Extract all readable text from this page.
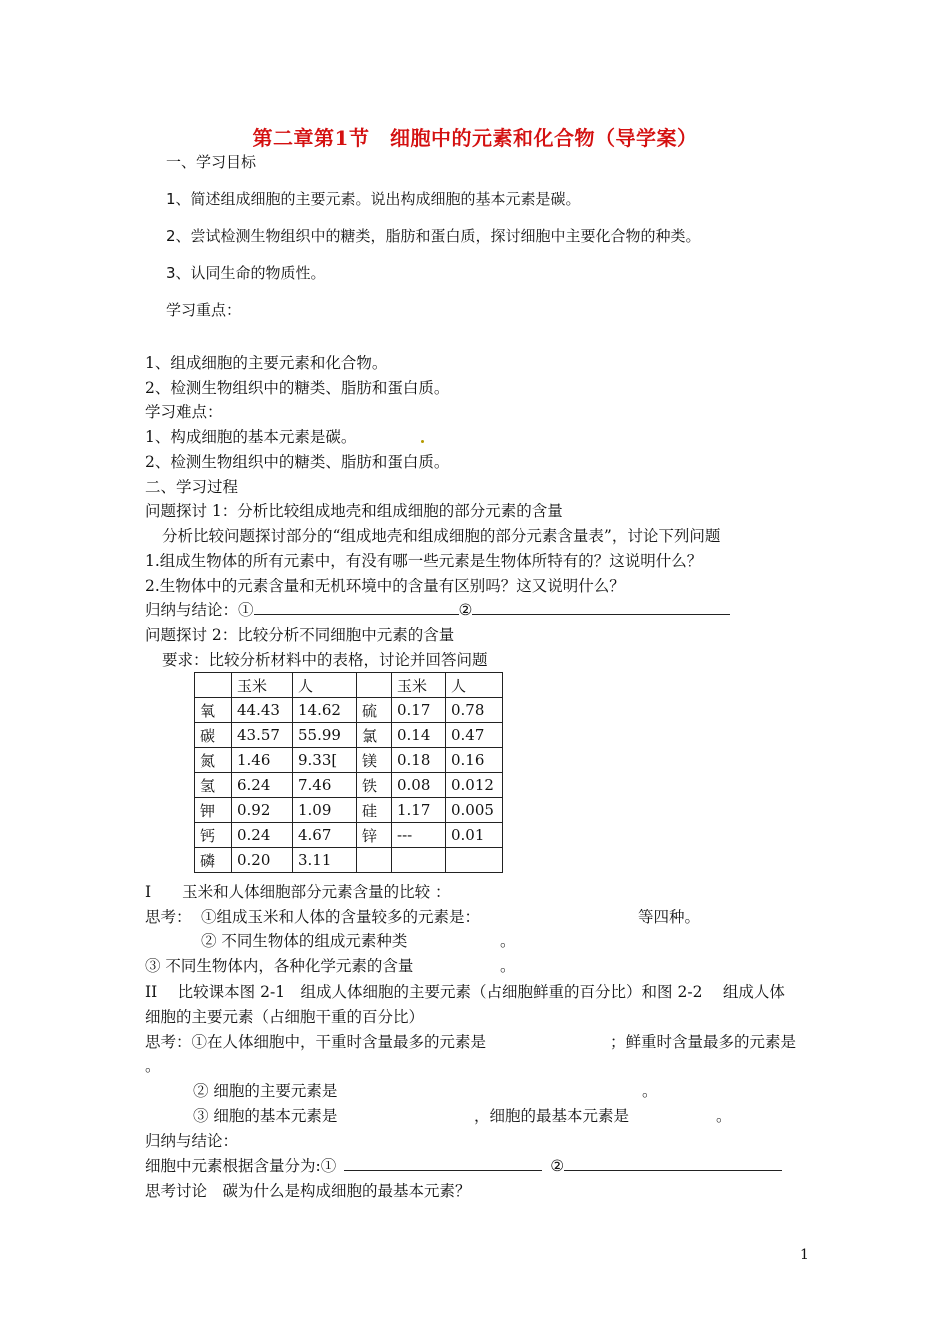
第二章第1节　细胞中的元素和化合物（导学案）
一、学习目标
1、简述组成细胞的主要元素。说出构成细胞的基本元素是碳。
2、尝试检测生物组织中的糖类，脂肪和蛋白质，探讨细胞中主要化合物的种类。
3、认同生命的物质性。
学习重点：
1、组成细胞的主要元素和化合物。
2、检测生物组织中的糖类、脂肪和蛋白质。
学习难点：
1、构成细胞的基本元素是碳。
2、检测生物组织中的糖类、脂肪和蛋白质。
二、学习过程
问题探讨 1：分析比较组成地壳和组成细胞的部分元素的含量
分析比较问题探讨部分的“组成地壳和组成细胞的部分元素含量表”，讨论下列问题
1.组成生物体的所有元素中，有没有哪一些元素是生物体所特有的？这说明什么？
2.生物体中的元素含量和无机环境中的含量有区别吗？这又说明什么？
归纳与结论：①	②
问题探讨 2：比较分析不同细胞中元素的含量
要求：比较分析材料中的表格，讨论并回答问题
	玉米	人		玉米	人
氧	44.43	14.62	硫	0.17	0.78
碳	43.57	55.99	氯	0.14	0.47
氮	1.46	9.33[	镁	0.18	0.16
氢	6.24	7.46	铁	0.08	0.012
钾	0.92	1.09	硅	1.17	0.005
钙	0.24	4.67	锌	---	0.01
磷	0.20	3.11			
I　　玉米和人体细胞部分元素含量的比较 ：
思考： ①组成玉米和人体的含量较多的元素是：	等四种。
② 不同生物体的组成元素种类	。
③ 不同生物体内，各种化学元素的含量	。
II　 比较课本图 2-1　组成人体细胞的主要元素（占细胞鲜重的百分比）和图 2-2　 组成人体
细胞的主要元素（占细胞干重的百分比）
思考：①在人体细胞中，干重时含量最多的元素是	；鲜重时含量最多的元素是
。
② 细胞的主要元素是	。
③ 细胞的基本元素是	，细胞的最基本元素是	。
归纳与结论：
细胞中元素根据含量分为:①	②
思考讨论　碳为什么是构成细胞的最基本元素？
1
